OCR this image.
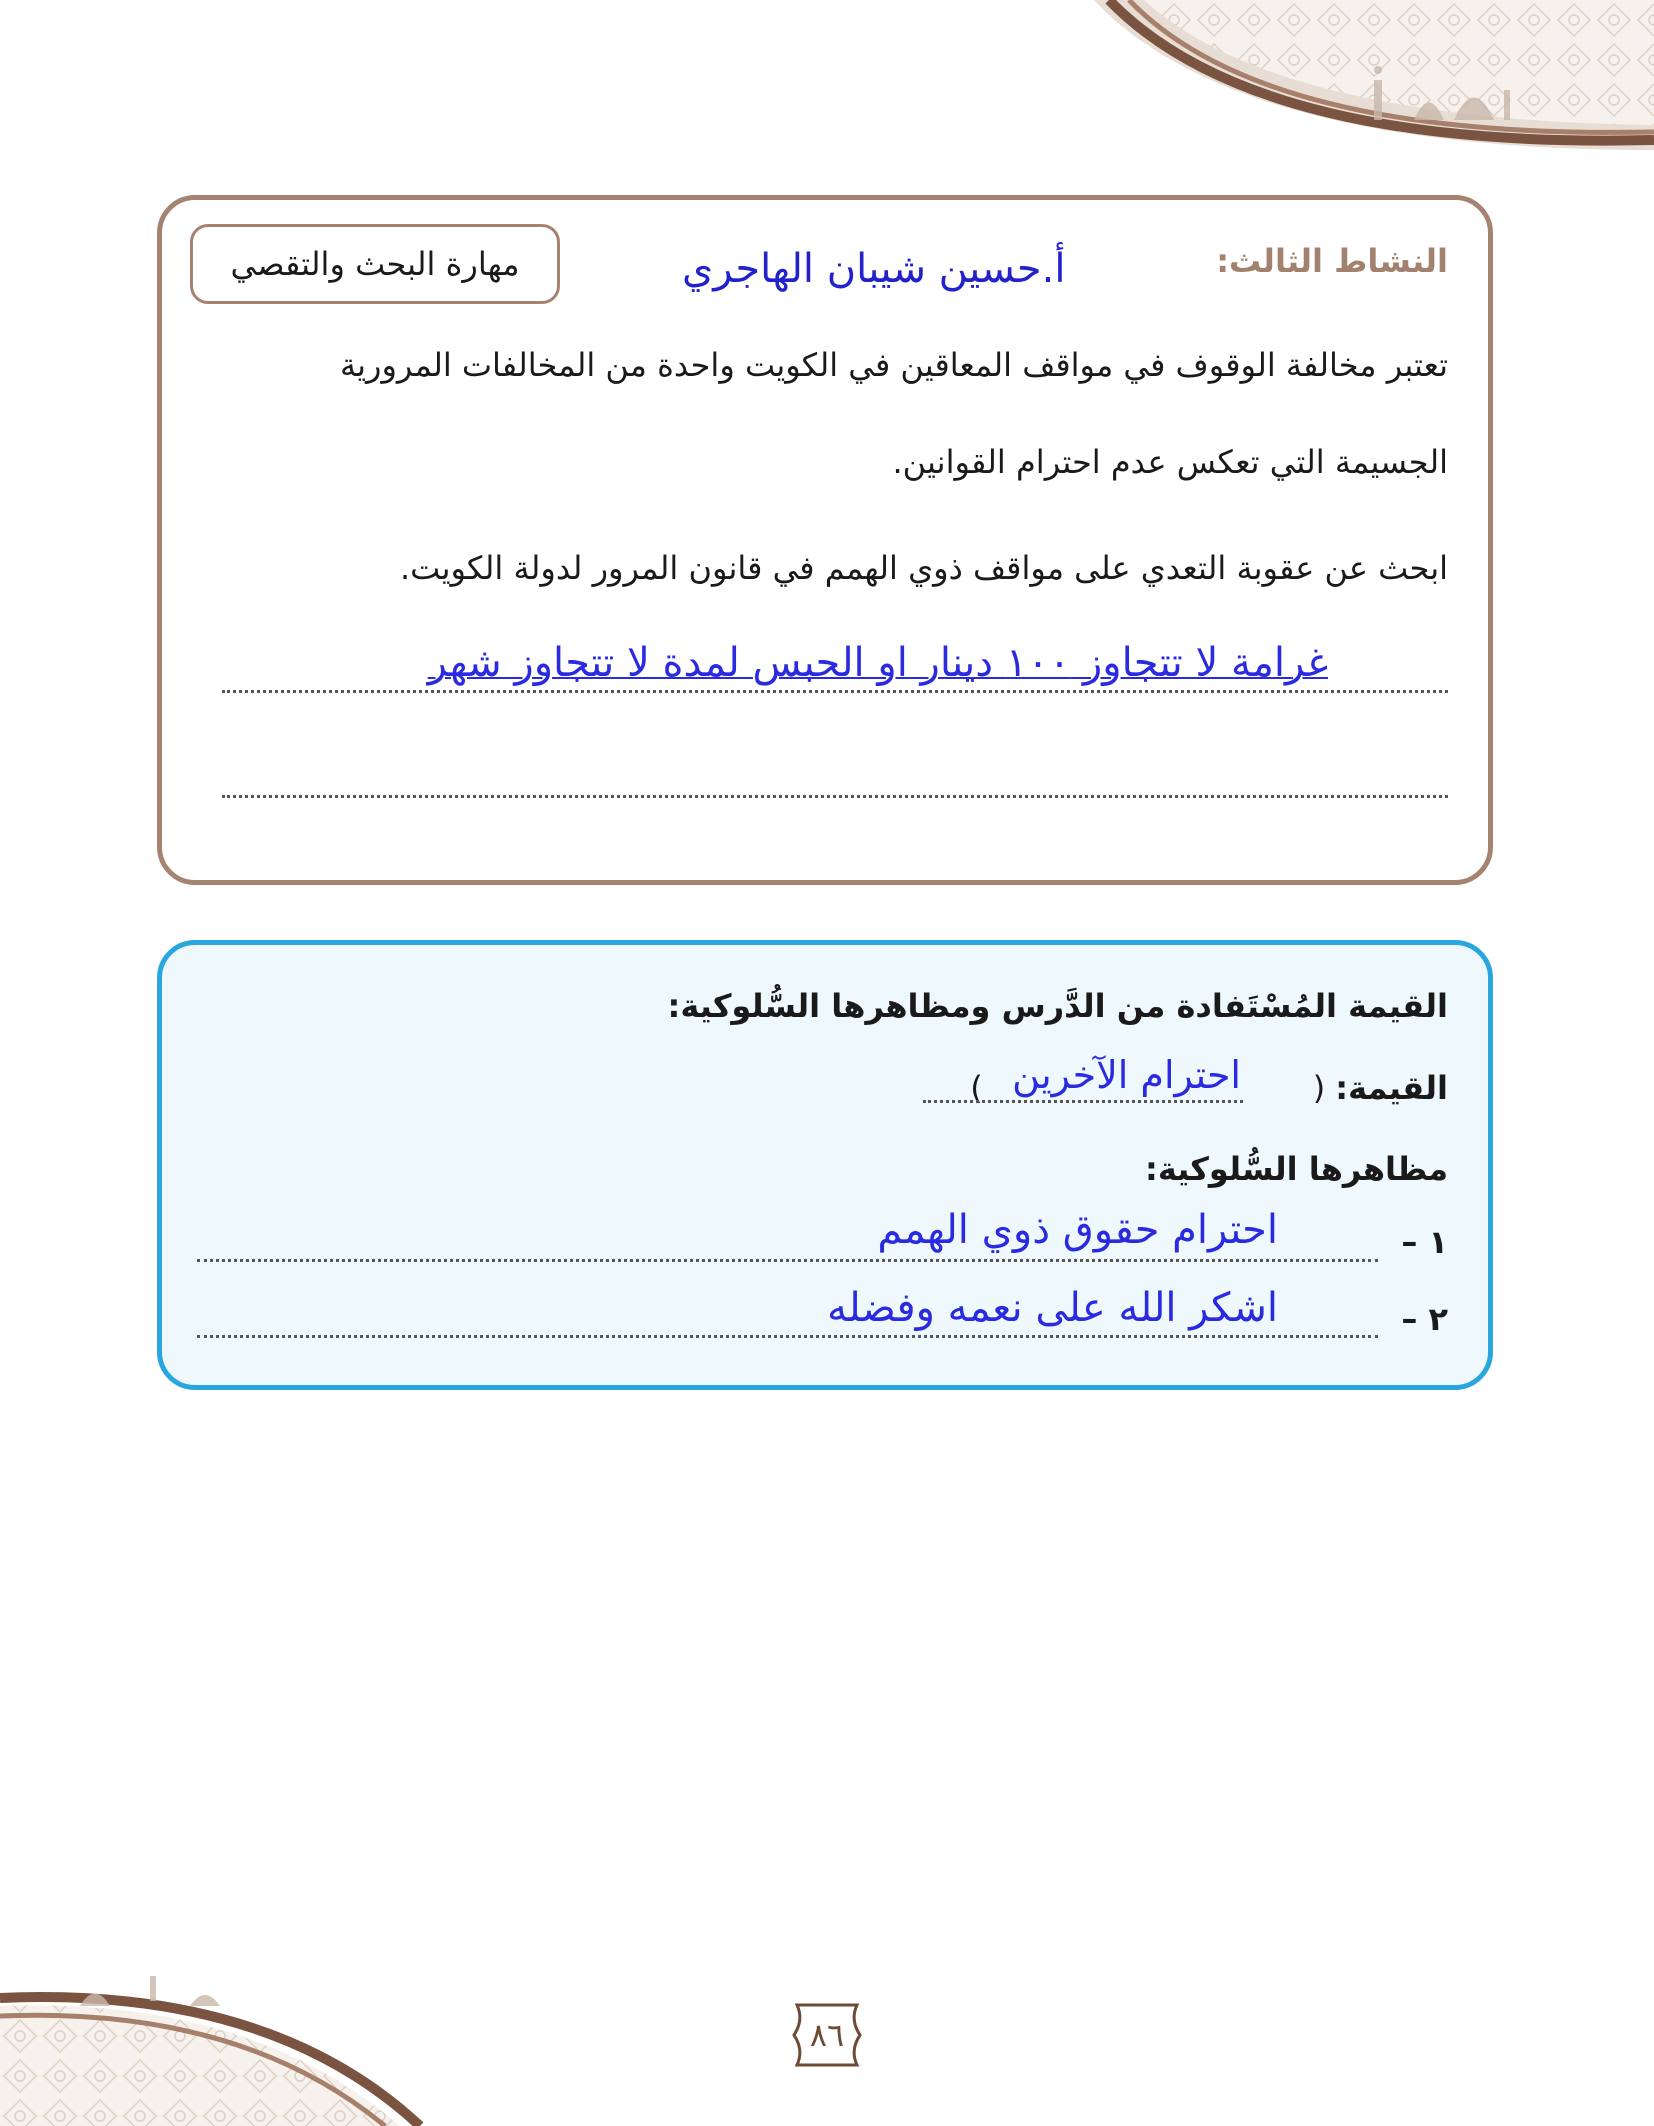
النشاط الثالث:
أ.حسين شيبان الهاجري
مهارة البحث والتقصي
تعتبر مخالفة الوقوف في مواقف المعاقين في الكويت واحدة من المخالفات المرورية
الجسيمة التي تعكس عدم احترام القوانين.
ابحث عن عقوبة التعدي على مواقف ذوي الهمم في قانون المرور لدولة الكويت.
غرامة لا تتجاوز ١٠٠ دينار او الحبس لمدة لا تتجاوز شهر
القيمة المُسْتَفادة من الدَّرس ومظاهرها السُّلوكية:
القيمة:
(
) احترام الآخرين
مظاهرها السُّلوكية:
١ –
احترام حقوق ذوي الهمم
٢ –
اشكر الله على نعمه وفضله
٨٦
